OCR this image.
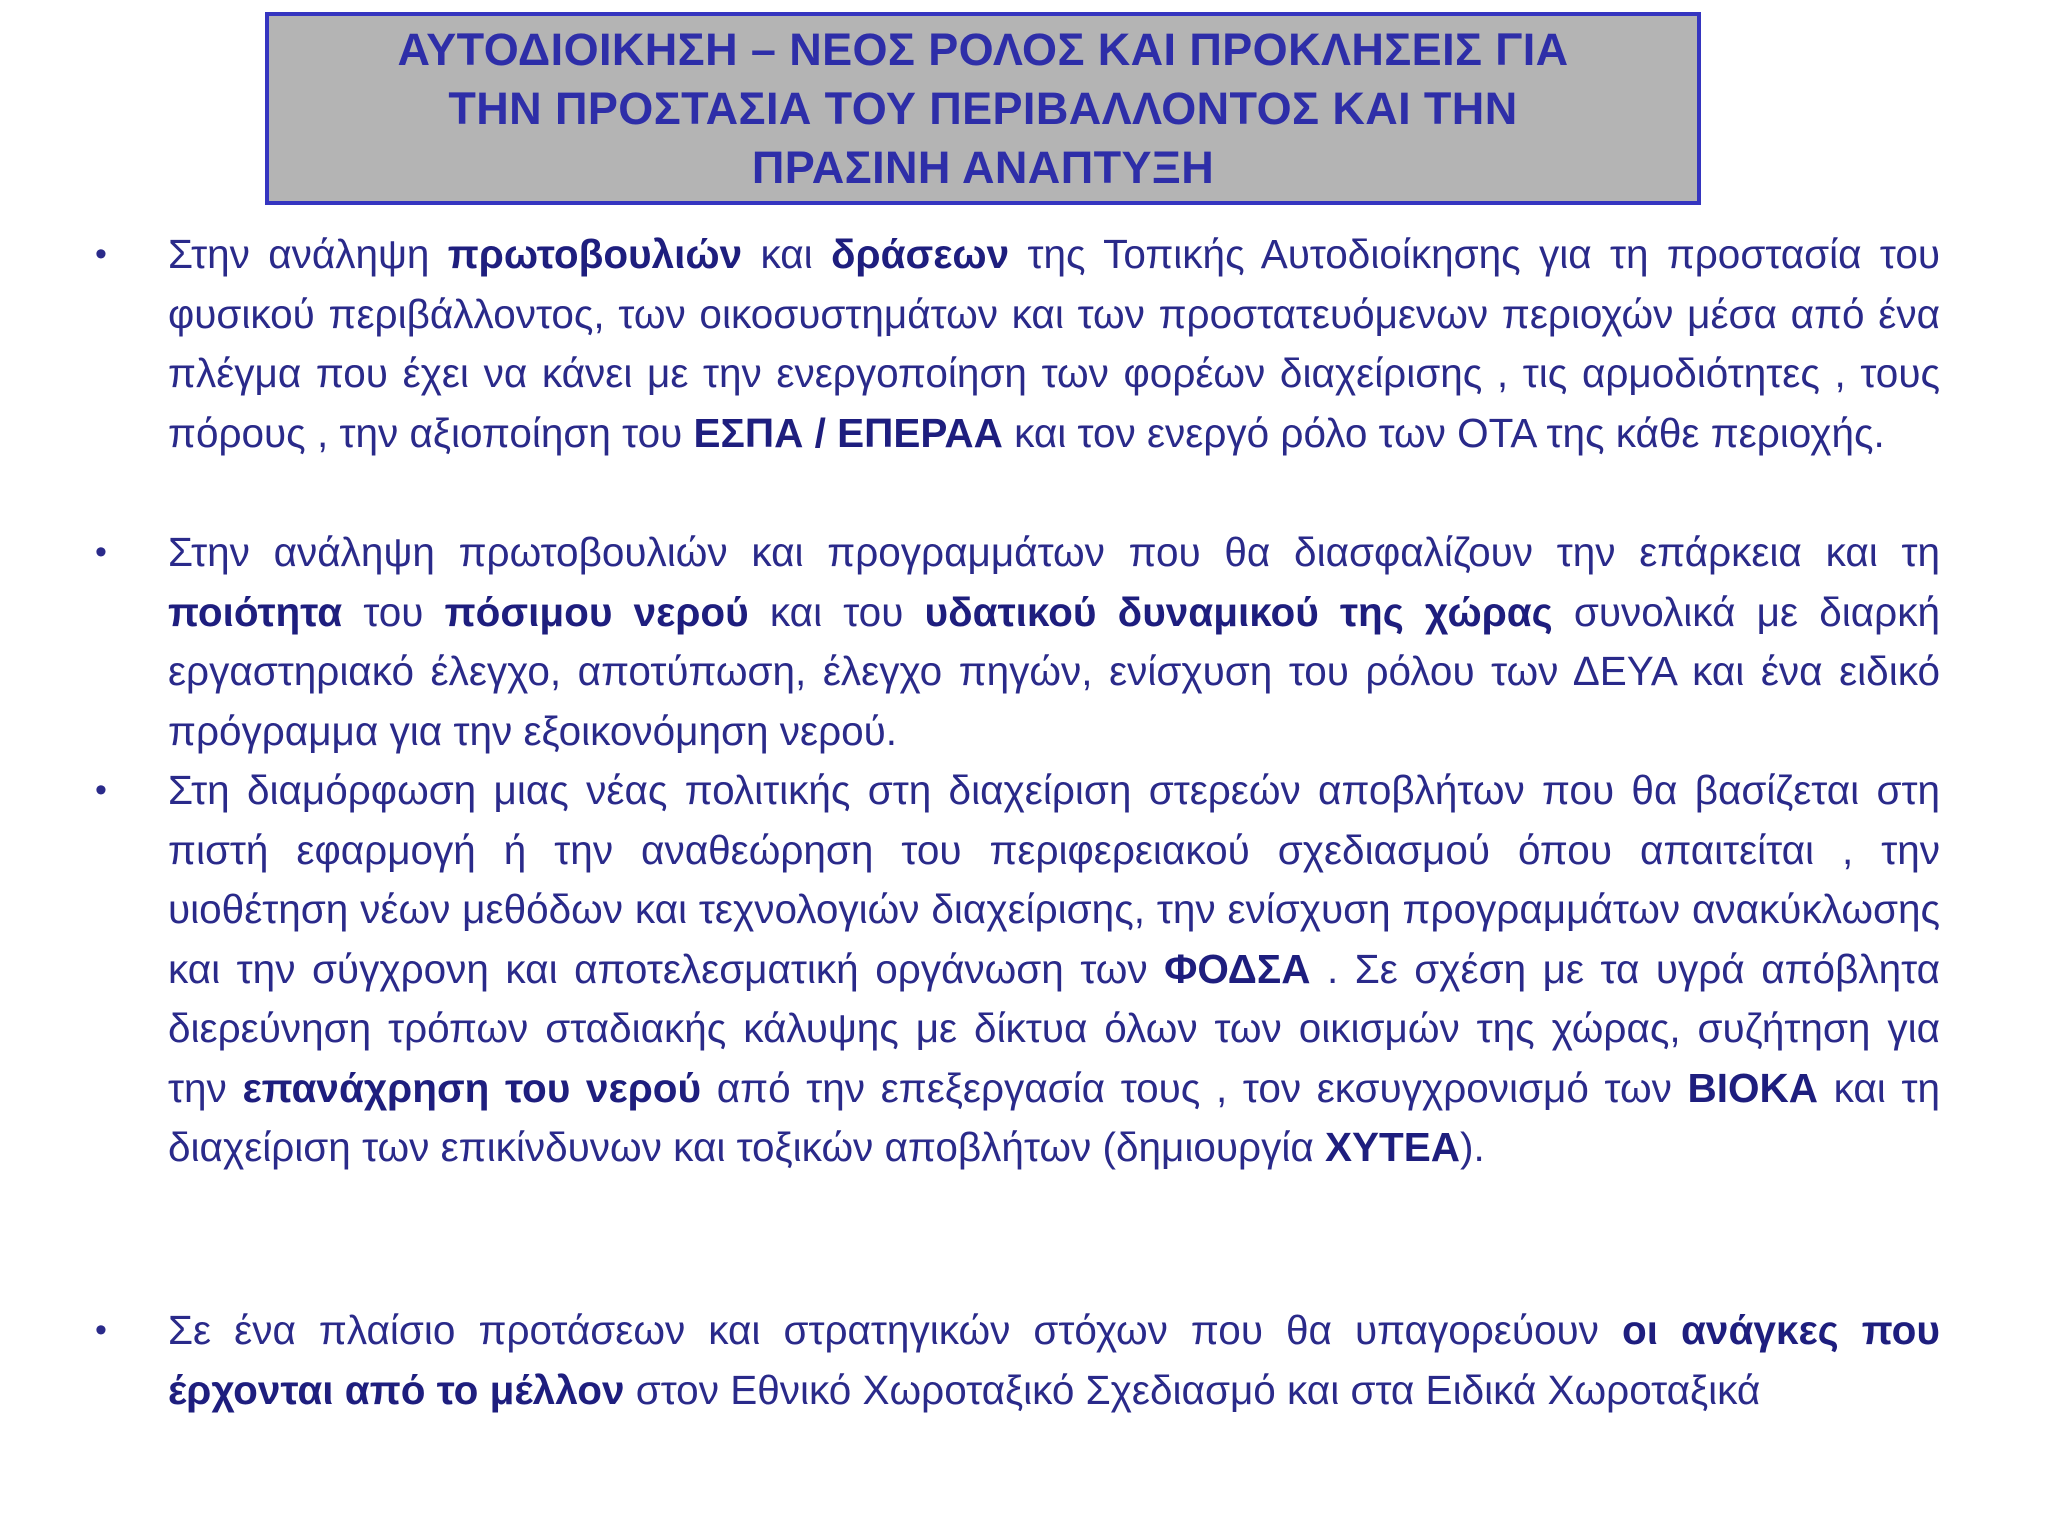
ΑΥΤΟΔΙΟΙΚΗΣΗ – ΝΕΟΣ ΡΟΛΟΣ ΚΑΙ ΠΡΟΚΛΗΣΕΙΣ ΓΙΑ
ΤΗΝ ΠΡΟΣΤΑΣΙΑ ΤΟΥ ΠΕΡΙΒΑΛΛΟΝΤΟΣ ΚΑΙ ΤΗΝ
ΠΡΑΣΙΝΗ ΑΝΑΠΤΥΞΗ
• Στην ανάληψη πρωτοβουλιών και δράσεων της Τοπικής Αυτοδιοίκησης για τη προστασία του φυσικού περιβάλλοντος, των οικοσυστημάτων και των προστατευόμενων περιοχών μέσα από ένα πλέγμα που έχει να κάνει με την ενεργοποίηση των φορέων διαχείρισης , τις αρμοδιότητες , τους πόρους , την αξιοποίηση του ΕΣΠΑ / ΕΠΕΡΑΑ και τον ενεργό ρόλο των ΟΤΑ της κάθε περιοχής.
• Στην ανάληψη πρωτοβουλιών και προγραμμάτων που θα διασφαλίζουν την επάρκεια και τη ποιότητα του πόσιμου νερού και του υδατικού δυναμικού της χώρας συνολικά με διαρκή εργαστηριακό έλεγχο, αποτύπωση, έλεγχο πηγών, ενίσχυση του ρόλου των ΔΕΥΑ και ένα ειδικό πρόγραμμα για την εξοικονόμηση νερού.
• Στη διαμόρφωση μιας νέας πολιτικής στη διαχείριση στερεών αποβλήτων που θα βασίζεται στη πιστή εφαρμογή ή την αναθεώρηση του περιφερειακού σχεδιασμού όπου απαιτείται , την υιοθέτηση νέων μεθόδων και τεχνολογιών διαχείρισης, την ενίσχυση προγραμμάτων ανακύκλωσης και την σύγχρονη και αποτελεσματική οργάνωση των ΦΟΔΣΑ . Σε σχέση με τα υγρά απόβλητα διερεύνηση τρόπων σταδιακής κάλυψης με δίκτυα όλων των οικισμών της χώρας, συζήτηση για την επανάχρηση του νερού από την επεξεργασία τους , τον εκσυγχρονισμό των ΒΙΟΚΑ και τη διαχείριση των επικίνδυνων και τοξικών αποβλήτων (δημιουργία ΧΥΤΕΑ).
• Σε ένα πλαίσιο προτάσεων και στρατηγικών στόχων που θα υπαγορεύουν οι ανάγκες που έρχονται από το μέλλον στον Εθνικό Χωροταξικό Σχεδιασμό και στα Ειδικά Χωροταξικά
